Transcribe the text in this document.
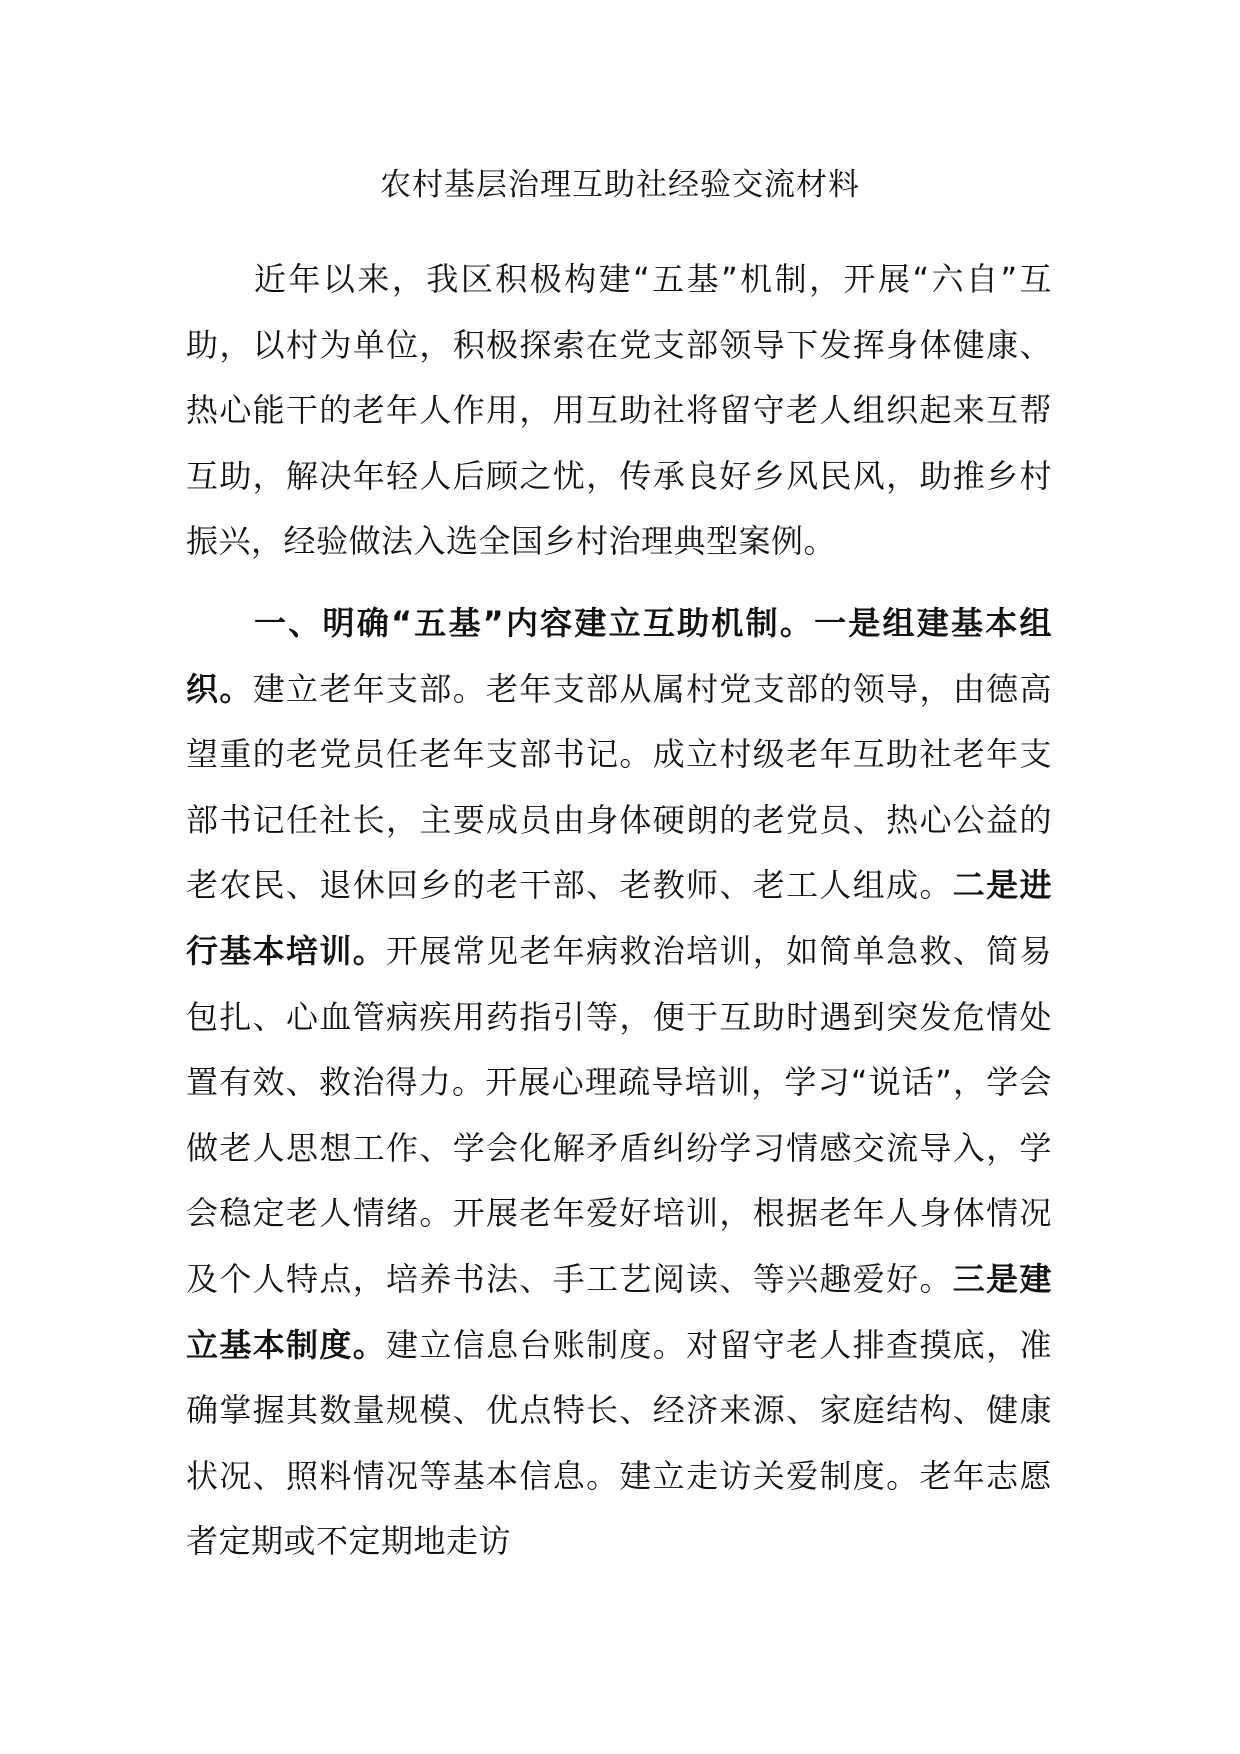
农村基层治理互助社经验交流材料

近年以来，我区积极构建“五基”机制，开展“六自”互助，以村为单位，积极探索在党支部领导下发挥身体健康、热心能干的老年人作用，用互助社将留守老人组织起来互帮互助，解决年轻人后顾之忧，传承良好乡风民风，助推乡村振兴，经验做法入选全国乡村治理典型案例。

一、明确“五基”内容建立互助机制。一是组建基本组织。建立老年支部。老年支部从属村党支部的领导，由德高望重的老党员任老年支部书记。成立村级老年互助社老年支部书记任社长，主要成员由身体硬朗的老党员、热心公益的老农民、退休回乡的老干部、老教师、老工人组成。二是进行基本培训。开展常见老年病救治培训，如简单急救、简易包扎、心血管病疾用药指引等，便于互助时遇到突发危情处置有效、救治得力。开展心理疏导培训，学习“说话”，学会做老人思想工作、学会化解矛盾纠纷学习情感交流导入，学会稳定老人情绪。开展老年爱好培训，根据老年人身体情况及个人特点，培养书法、手工艺阅读、等兴趣爱好。三是建立基本制度。建立信息台账制度。对留守老人排查摸底，准确掌握其数量规模、优点特长、经济来源、家庭结构、健康状况、照料情况等基本信息。建立走访关爱制度。老年志愿者定期或不定期地走访
